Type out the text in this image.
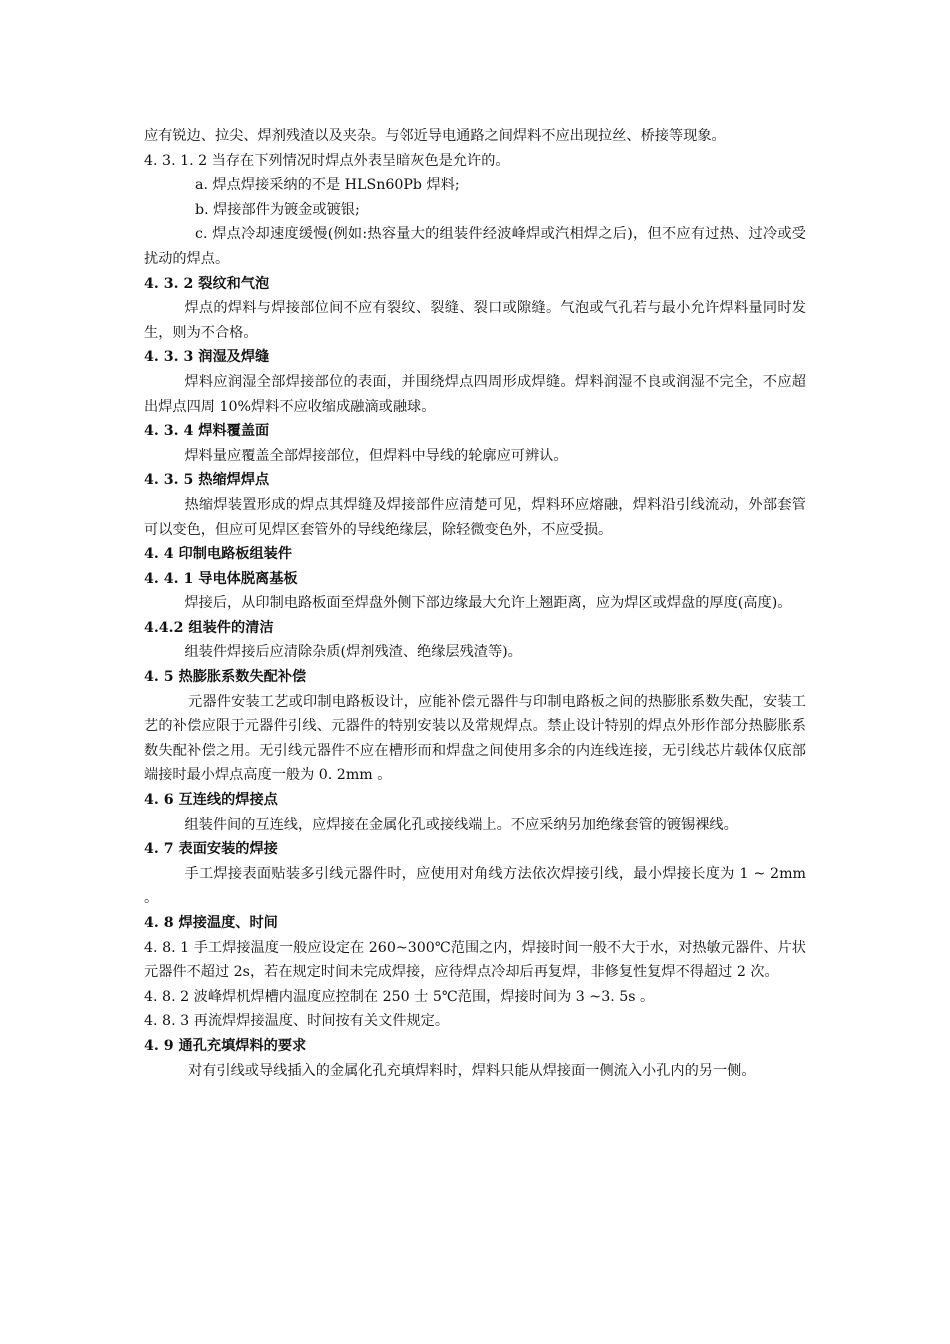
应有锐边、拉尖、焊剂残渣以及夹杂。与邻近导电通路之间焊料不应出现拉丝、桥接等现象。

4. 3. 1. 2 当存在下列情况时焊点外表呈暗灰色是允许的。

a. 焊点焊接采纳的不是 HLSn60Pb 焊料;

b. 焊接部件为镀金或镀银;

c. 焊点冷却速度缓慢(例如:热容量大的组装件经波峰焊或汽相焊之后)，但不应有过热、过冷或受扰动的焊点。

4. 3. 2 裂纹和气泡

焊点的焊料与焊接部位间不应有裂纹、裂缝、裂口或隙缝。气泡或气孔若与最小允许焊料量同时发生，则为不合格。

4. 3. 3 润湿及焊缝

焊料应润湿全部焊接部位的表面，并围绕焊点四周形成焊缝。焊料润湿不良或润湿不完全，不应超出焊点四周 10%焊料不应收缩成融滴或融球。

4. 3. 4 焊料覆盖面

焊料量应覆盖全部焊接部位，但焊料中导线的轮廓应可辨认。

4. 3. 5 热缩焊焊点

热缩焊装置形成的焊点其焊缝及焊接部件应清楚可见，焊料环应熔融，焊料沿引线流动，外部套管可以变色，但应可见焊区套管外的导线绝缘层，除轻微变色外，不应受损。

4. 4 印制电路板组装件

4. 4. 1 导电体脱离基板

焊接后，从印制电路板面至焊盘外侧下部边缘最大允许上翘距离，应为焊区或焊盘的厚度(高度)。

4.4.2 组装件的清洁

组装件焊接后应清除杂质(焊剂残渣、绝缘层残渣等)。

4. 5 热膨胀系数失配补偿

元器件安装工艺或印制电路板设计，应能补偿元器件与印制电路板之间的热膨胀系数失配，安装工艺的补偿应限于元器件引线、元器件的特别安装以及常规焊点。禁止设计特别的焊点外形作部分热膨胀系数失配补偿之用。无引线元器件不应在槽形而和焊盘之间使用多余的内连线连接，无引线芯片载体仅底部端接时最小焊点高度一般为 0. 2mm 。

4. 6 互连线的焊接点

组装件间的互连线，应焊接在金属化孔或接线端上。不应采纳另加绝缘套管的镀锡裸线。

4. 7 表面安装的焊接

手工焊接表面贴装多引线元器件时，应使用对角线方法依次焊接引线，最小焊接长度为 1 ~ 2mm 。

4. 8 焊接温度、时间

4. 8. 1 手工焊接温度一般应设定在 260~300℃范围之内，焊接时间一般不大于水，对热敏元器件、片状元器件不超过 2s，若在规定时间未完成焊接，应待焊点冷却后再复焊，非修复性复焊不得超过 2 次。

4. 8. 2 波峰焊机焊槽内温度应控制在 250 士 5℃范围，焊接时间为 3 ~3. 5s 。

4. 8. 3 再流焊焊接温度、时间按有关文件规定。

4. 9 通孔充填焊料的要求

对有引线或导线插入的金属化孔充填焊料时，焊料只能从焊接面一侧流入小孔内的另一侧。
